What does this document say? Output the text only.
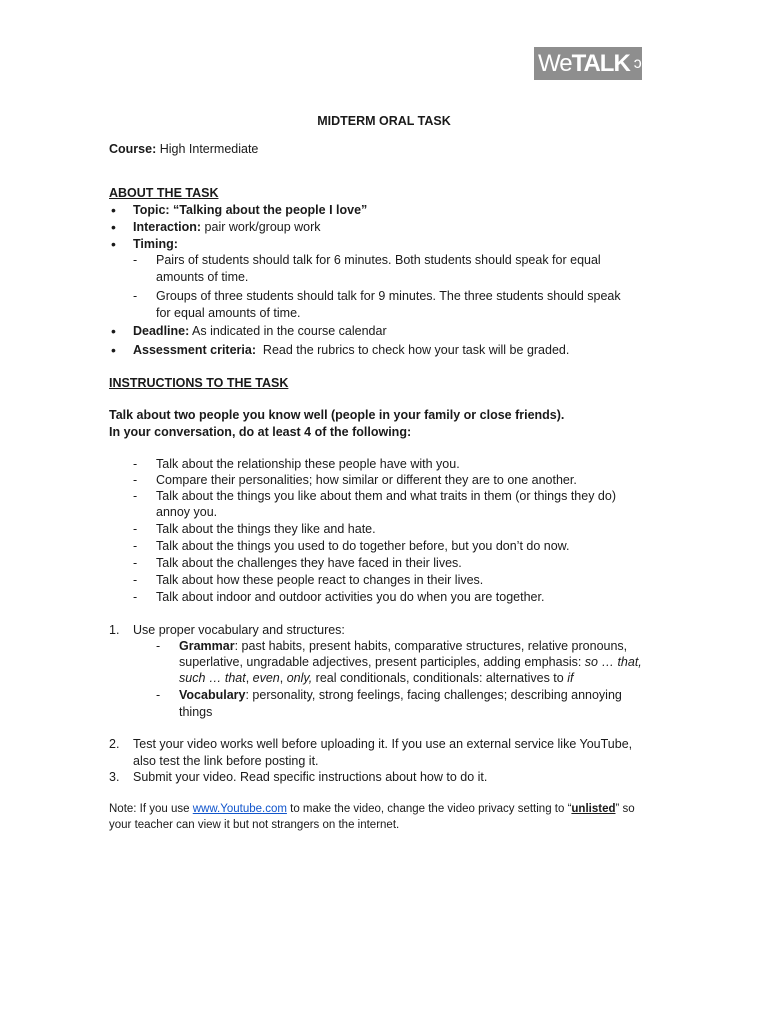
We TALK ↄ
MIDTERM ORAL TASK
Course: High Intermediate
ABOUT THE TASK
• Topic: “Talking about the people I love”
• Interaction: pair work/group work
• Timing:
- Pairs of students should talk for 6 minutes. Both students should speak for equal
amounts of time.
- Groups of three students should talk for 9 minutes. The three students should speak
for equal amounts of time.
• Deadline: As indicated in the course calendar
• Assessment criteria:  Read the rubrics to check how your task will be graded.
INSTRUCTIONS TO THE TASK
Talk about two people you know well (people in your family or close friends).
In your conversation, do at least 4 of the following:
- Talk about the relationship these people have with you.
- Compare their personalities; how similar or different they are to one another.
- Talk about the things you like about them and what traits in them (or things they do)
annoy you.
- Talk about the things they like and hate.
- Talk about the things you used to do together before, but you don’t do now.
- Talk about the challenges they have faced in their lives.
- Talk about how these people react to changes in their lives.
- Talk about indoor and outdoor activities you do when you are together.
1. Use proper vocabulary and structures:
- Grammar: past habits, present habits, comparative structures, relative pronouns,
superlative, ungradable adjectives, present participles, adding emphasis: so … that,
such … that, even, only, real conditionals, conditionals: alternatives to if
- Vocabulary: personality, strong feelings, facing challenges; describing annoying
things
2. Test your video works well before uploading it. If you use an external service like YouTube,
also test the link before posting it.
3. Submit your video. Read specific instructions about how to do it.
Note: If you use www.Youtube.com to make the video, change the video privacy setting to “unlisted” so
your teacher can view it but not strangers on the internet.
